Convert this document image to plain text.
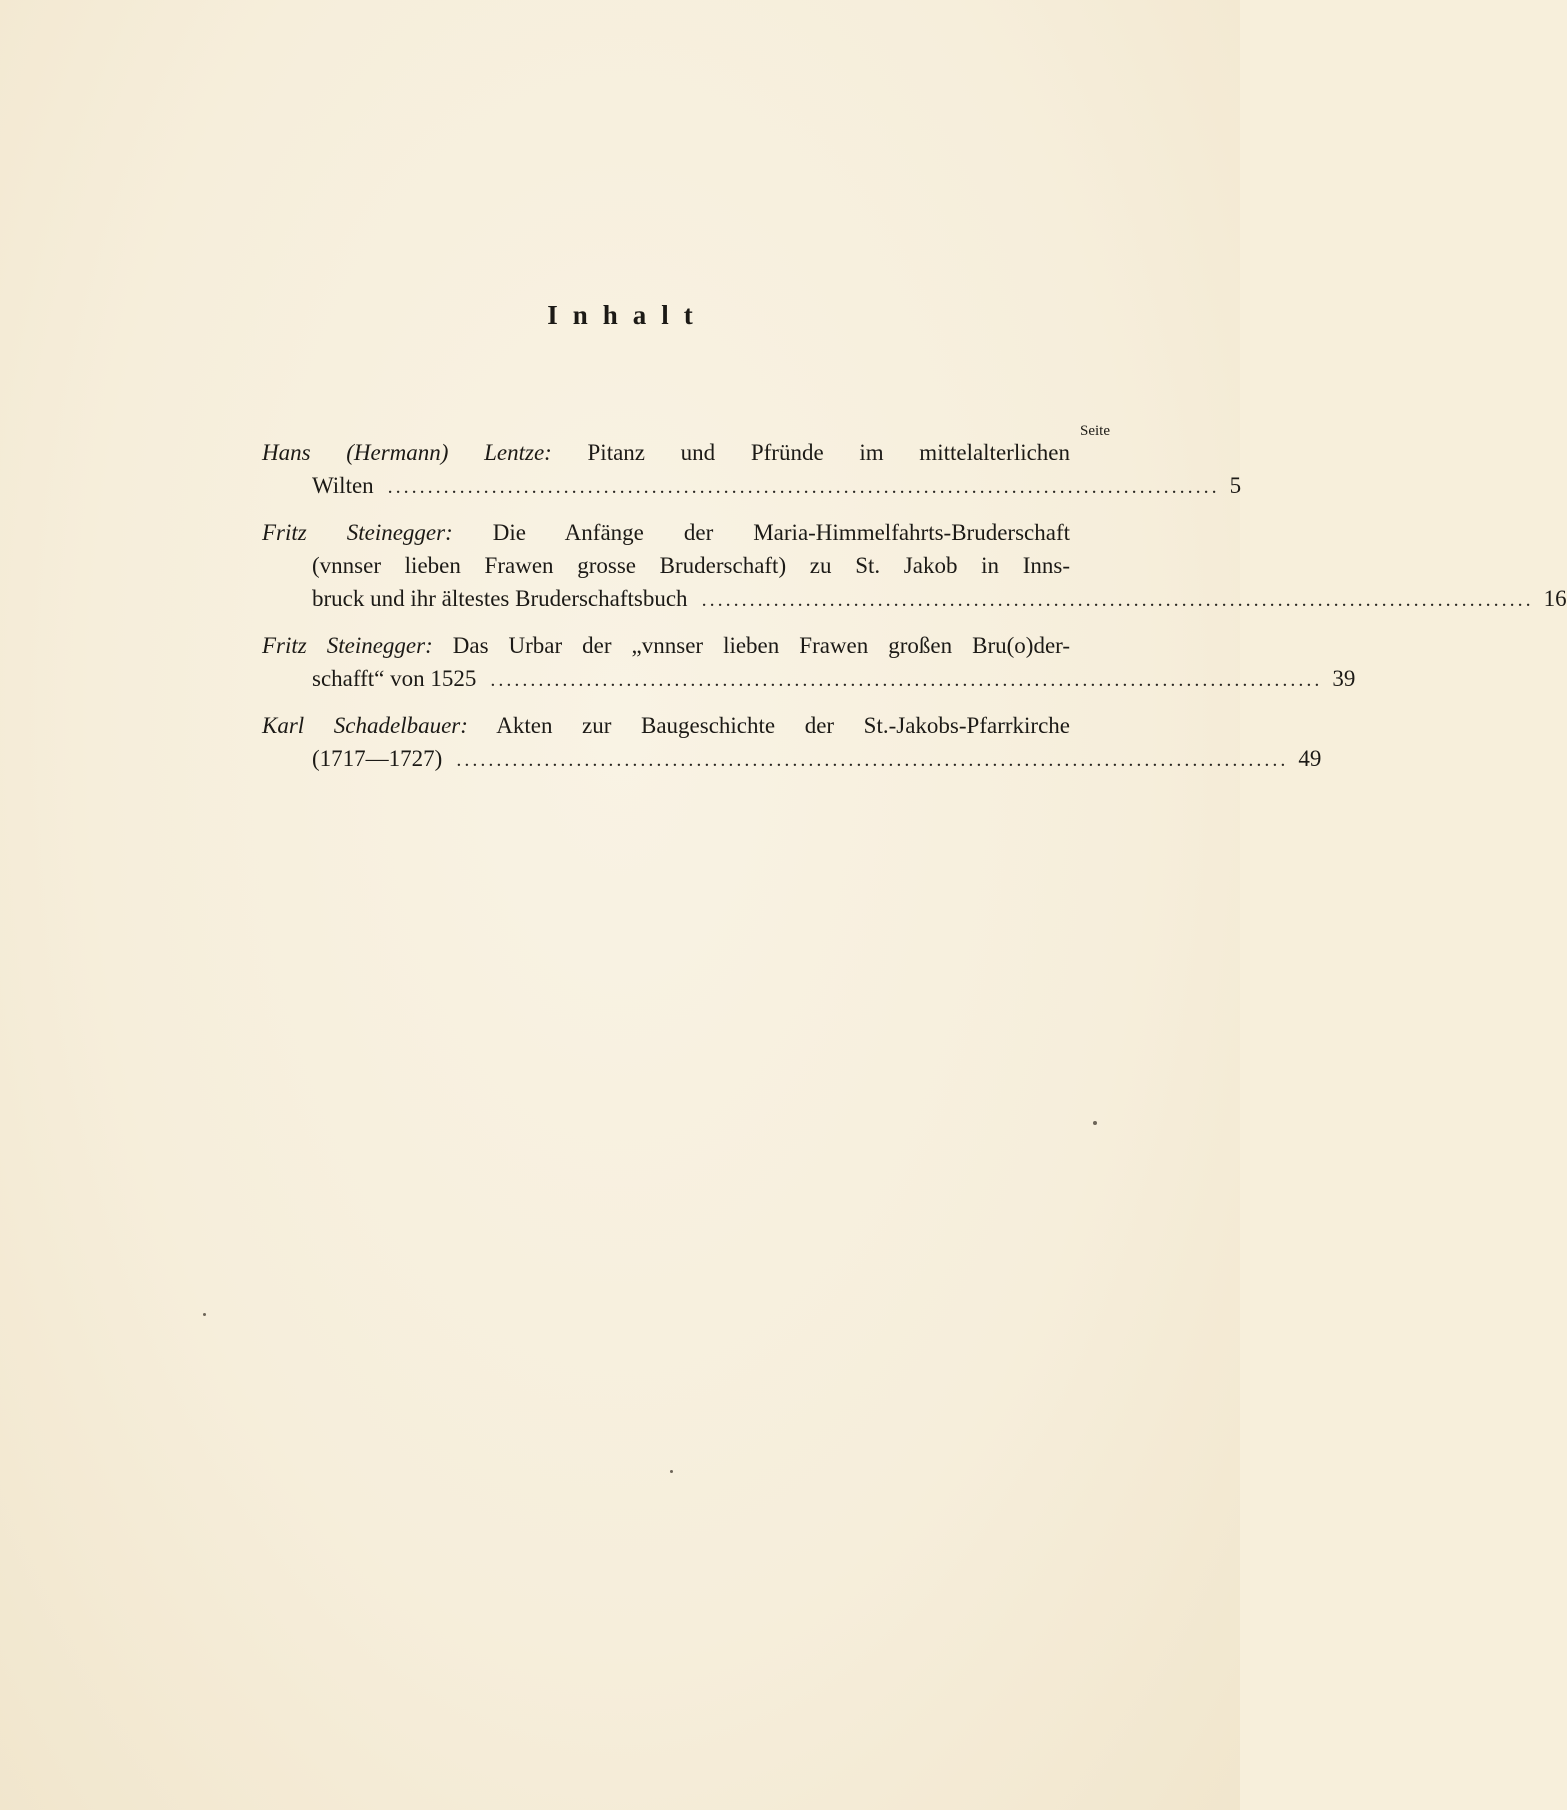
Inhalt
Seite
Hans (Hermann) Lentze: Pitanz und Pfründe im mittelalterlichen
Wilten ........................................................................................................ 5
Fritz Steinegger: Die Anfänge der Maria-Himmelfahrts-Bruderschaft
(vnnser lieben Frawen grosse Bruderschaft) zu St. Jakob in Inns-
bruck und ihr ältestes Bruderschaftsbuch ........................................................................................................ 16
Fritz Steinegger: Das Urbar der „vnnser lieben Frawen großen Bru(o)der-
schafft“ von 1525 ........................................................................................................ 39
Karl Schadelbauer: Akten zur Baugeschichte der St.-Jakobs-Pfarrkirche
(1717—1727) ........................................................................................................ 49
